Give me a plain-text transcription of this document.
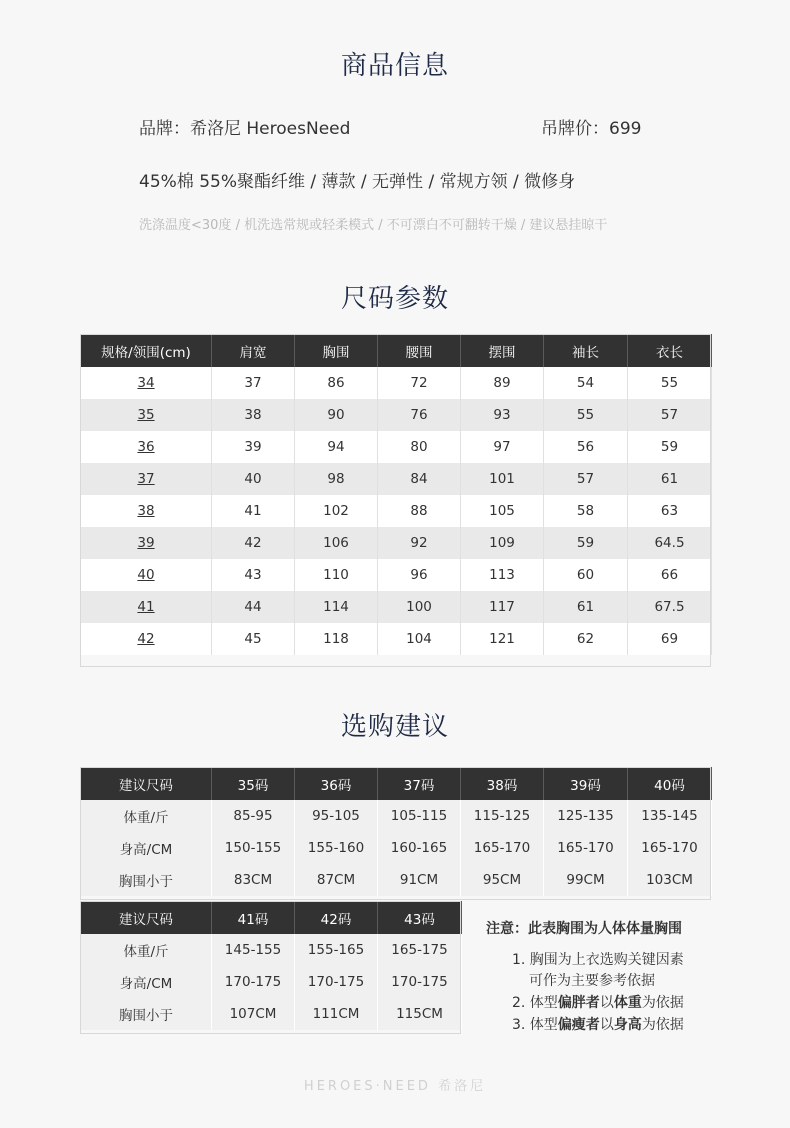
商品信息
品牌：希洛尼 HeroesNeed	吊牌价：699
45%棉 55%聚酯纤维 / 薄款 / 无弹性 / 常规方领 / 微修身
洗涤温度<30度 / 机洗选常规或轻柔模式 / 不可漂白不可翻转干燥 / 建议悬挂晾干
尺码参数
规格/领围(cm)	肩宽	胸围	腰围	摆围	袖长	衣长
34	37	86	72	89	54	55
35	38	90	76	93	55	57
36	39	94	80	97	56	59
37	40	98	84	101	57	61
38	41	102	88	105	58	63
39	42	106	92	109	59	64.5
40	43	110	96	113	60	66
41	44	114	100	117	61	67.5
42	45	118	104	121	62	69
选购建议
建议尺码	35码	36码	37码	38码	39码	40码
体重/斤	85-95	95-105	105-115	115-125	125-135	135-145
身高/CM	150-155	155-160	160-165	165-170	165-170	165-170
胸围小于	83CM	87CM	91CM	95CM	99CM	103CM
建议尺码	41码	42码	43码
体重/斤	145-155	155-165	165-175
身高/CM	170-175	170-175	170-175
胸围小于	107CM	111CM	115CM
注意：此表胸围为人体体量胸围
1. 胸围为上衣选购关键因素
可作为主要参考依据
2. 体型偏胖者以体重为依据
3. 体型偏瘦者以身高为依据
HEROES·NEED 希洛尼
